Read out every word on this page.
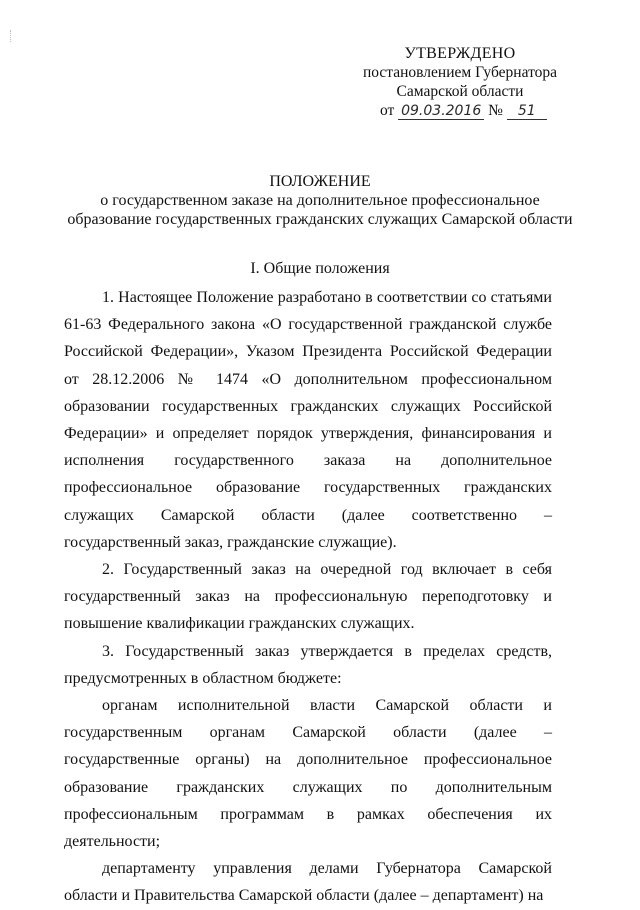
УТВЕРЖДЕНО
постановлением Губернатора
Самарской области
от 09.03.2016 № 51
ПОЛОЖЕНИЕ
о государственном заказе на дополнительное профессиональное
образование государственных гражданских служащих Самарской области
I. Общие положения

1. Настоящее Положение разработано в соответствии со статьями 61-63 Федерального закона «О государственной гражданской службе Российской Федерации», Указом Президента Российской Федерации от 28.12.2006 № 1474 «О дополнительном профессиональном образовании государственных гражданских служащих Российской Федерации» и определяет порядок утверждения, финансирования и исполнения государственного заказа на дополнительное профессиональное образование государственных гражданских служащих Самарской области (далее соответственно – государственный заказ, гражданские служащие).

2. Государственный заказ на очередной год включает в себя государственный заказ на профессиональную переподготовку и повышение квалификации гражданских служащих.

3. Государственный заказ утверждается в пределах средств, предусмотренных в областном бюджете:

органам исполнительной власти Самарской области и государственным органам Самарской области (далее – государственные органы) на дополнительное профессиональное образование гражданских служащих по дополнительным профессиональным программам в рамках обеспечения их деятельности;

департаменту управления делами Губернатора Самарской области и Правительства Самарской области (далее – департамент) на
